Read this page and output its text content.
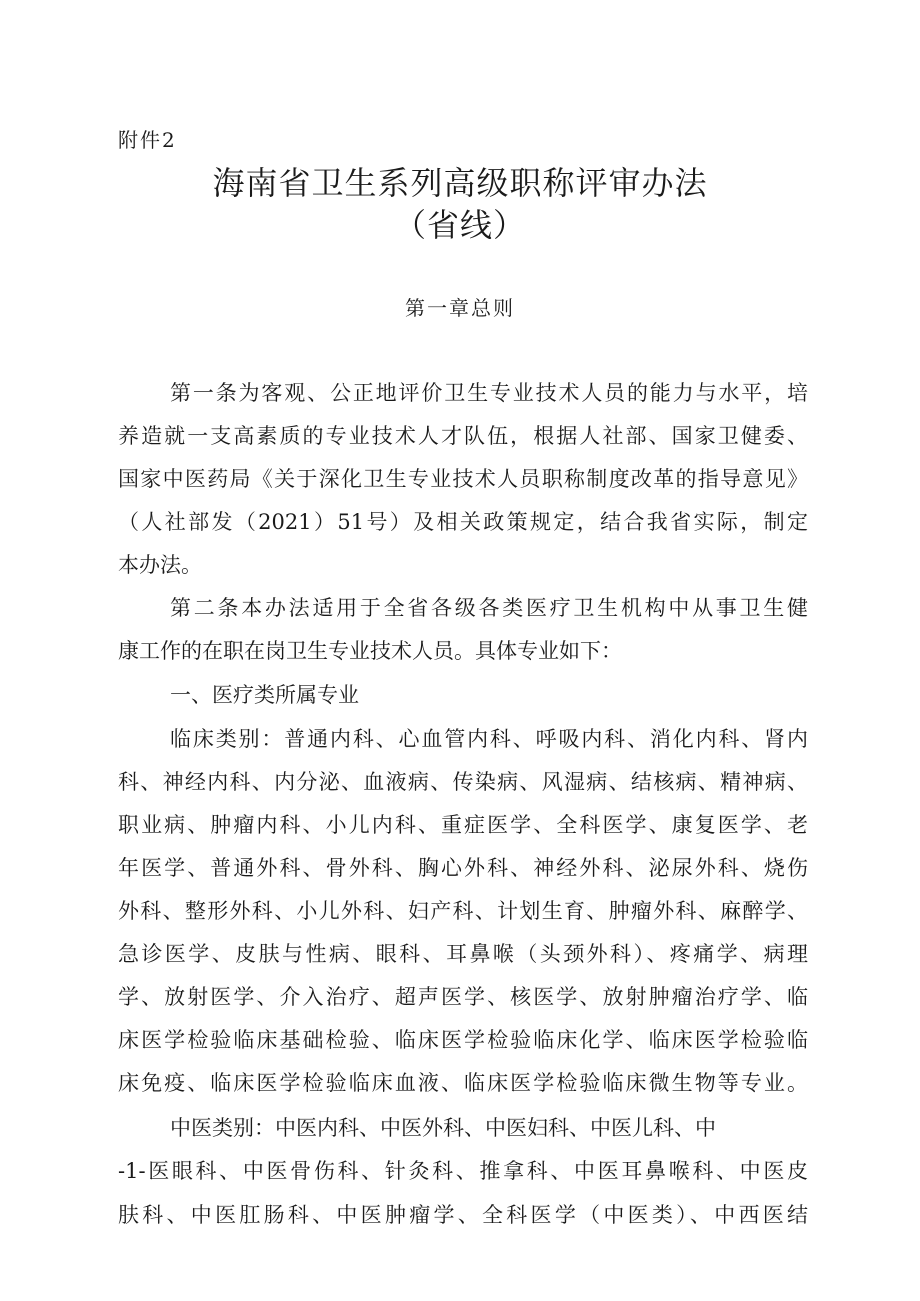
附件2
海南省卫生系列高级职称评审办法
（省线）
第一章总则
第一条为客观、公正地评价卫生专业技术人员的能力与水平，培
养造就一支高素质的专业技术人才队伍，根据人社部、国家卫健委、
国家中医药局《关于深化卫生专业技术人员职称制度改革的指导意见》
（人社部发（2021）51号）及相关政策规定，结合我省实际，制定
本办法。
第二条本办法适用于全省各级各类医疗卫生机构中从事卫生健
康工作的在职在岗卫生专业技术人员。具体专业如下：
一、医疗类所属专业
临床类别：普通内科、心血管内科、呼吸内科、消化内科、肾内
科、神经内科、内分泌、血液病、传染病、风湿病、结核病、精神病、
职业病、肿瘤内科、小儿内科、重症医学、全科医学、康复医学、老
年医学、普通外科、骨外科、胸心外科、神经外科、泌尿外科、烧伤
外科、整形外科、小儿外科、妇产科、计划生育、肿瘤外科、麻醉学、
急诊医学、皮肤与性病、眼科、耳鼻喉（头颈外科）、疼痛学、病理
学、放射医学、介入治疗、超声医学、核医学、放射肿瘤治疗学、临
床医学检验临床基础检验、临床医学检验临床化学、临床医学检验临
床免疫、临床医学检验临床血液、临床医学检验临床微生物等专业。
中医类别：中医内科、中医外科、中医妇科、中医儿科、中
-1-医眼科、中医骨伤科、针灸科、推拿科、中医耳鼻喉科、中医皮
肤科、中医肛肠科、中医肿瘤学、全科医学（中医类）、中西医结
